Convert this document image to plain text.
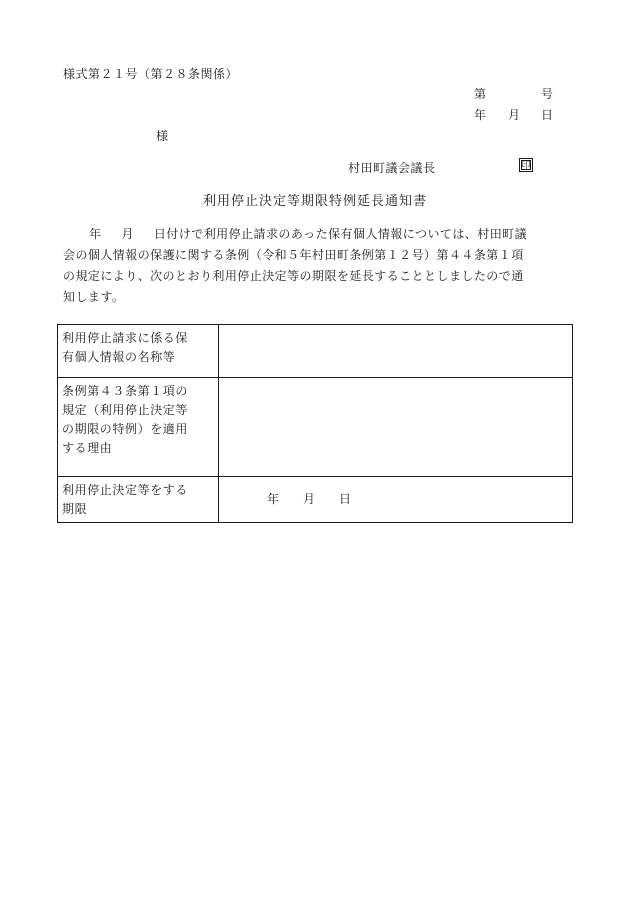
様式第２１号（第２８条関係）
第	号
年 月 日
様
村田町議会議長	印
利用停止決定等期限特例延長通知書
年 月 日付けで利用停止請求のあった保有個人情報については、村田町議
会の個人情報の保護に関する条例（令和５年村田町条例第１２号）第４４条第１項
の規定により、次のとおり利用停止決定等の期限を延長することとしましたので通
知します。
利用停止請求に係る保
有個人情報の名称等	

条例第４３条第１項の
規定（利用停止決定等
の期限の特例）を適用
する理由	

利用停止決定等をする
期限	年 月 日
